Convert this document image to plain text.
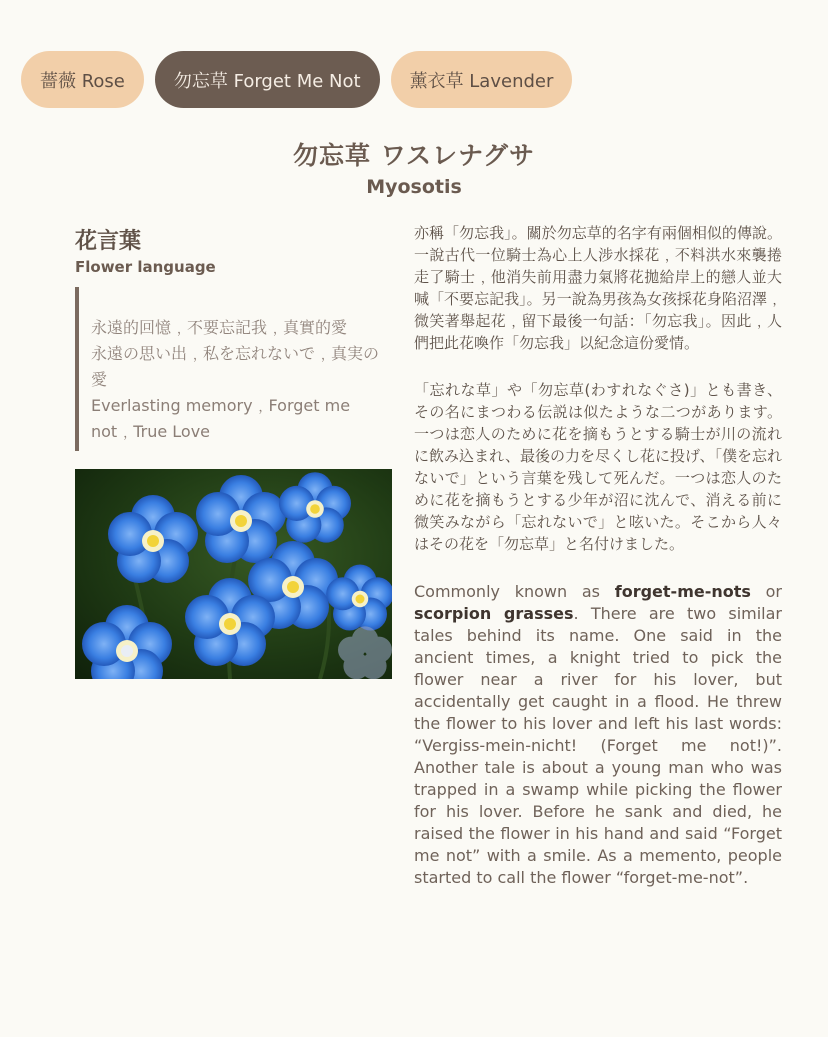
薔薇 Rose	勿忘草 Forget Me Not	薰衣草 Lavender
勿忘草 ワスレナグサ
Myosotis
花言葉
Flower language
永遠的回憶﹐不要忘記我﹐真實的愛
永遠の思い出﹐私を忘れないで﹐真実の愛
Everlasting memory﹐Forget me not﹐True Love

亦稱「勿忘我」。關於勿忘草的名字有兩個相似的傳說。一說古代一位騎士為心上人涉水採花﹐不料洪水來襲捲走了騎士﹐他消失前用盡力氣將花拋給岸上的戀人並大喊「不要忘記我」。另一說為男孩為女孩採花身陷沼澤﹐微笑著舉起花﹐留下最後一句話：「勿忘我」。因此﹐人們把此花喚作「勿忘我」以紀念這份愛情。

「忘れな草」や「勿忘草(わすれなぐさ)」とも書き、その名にまつわる伝説は似たような二つがあります。一つは恋人のために花を摘もうとする騎士が川の流れに飲み込まれ、最後の力を尽くし花に投げ、「僕を忘れないで」という言葉を残して死んだ。一つは恋人のために花を摘もうとする少年が沼に沈んで、消える前に微笑みながら「忘れないで」と呟いた。そこから人々はその花を「勿忘草」と名付けました。

Commonly known as forget-me-nots or scorpion grasses. There are two similar tales behind its name. One said in the ancient times, a knight tried to pick the flower near a river for his lover, but accidentally get caught in a flood. He threw the flower to his lover and left his last words: “Vergiss-mein-nicht! (Forget me not!)”. Another tale is about a young man who was trapped in a swamp while picking the flower for his lover. Before he sank and died, he raised the flower in his hand and said “Forget me not” with a smile. As a memento, people started to call the flower “forget-me-not”.
